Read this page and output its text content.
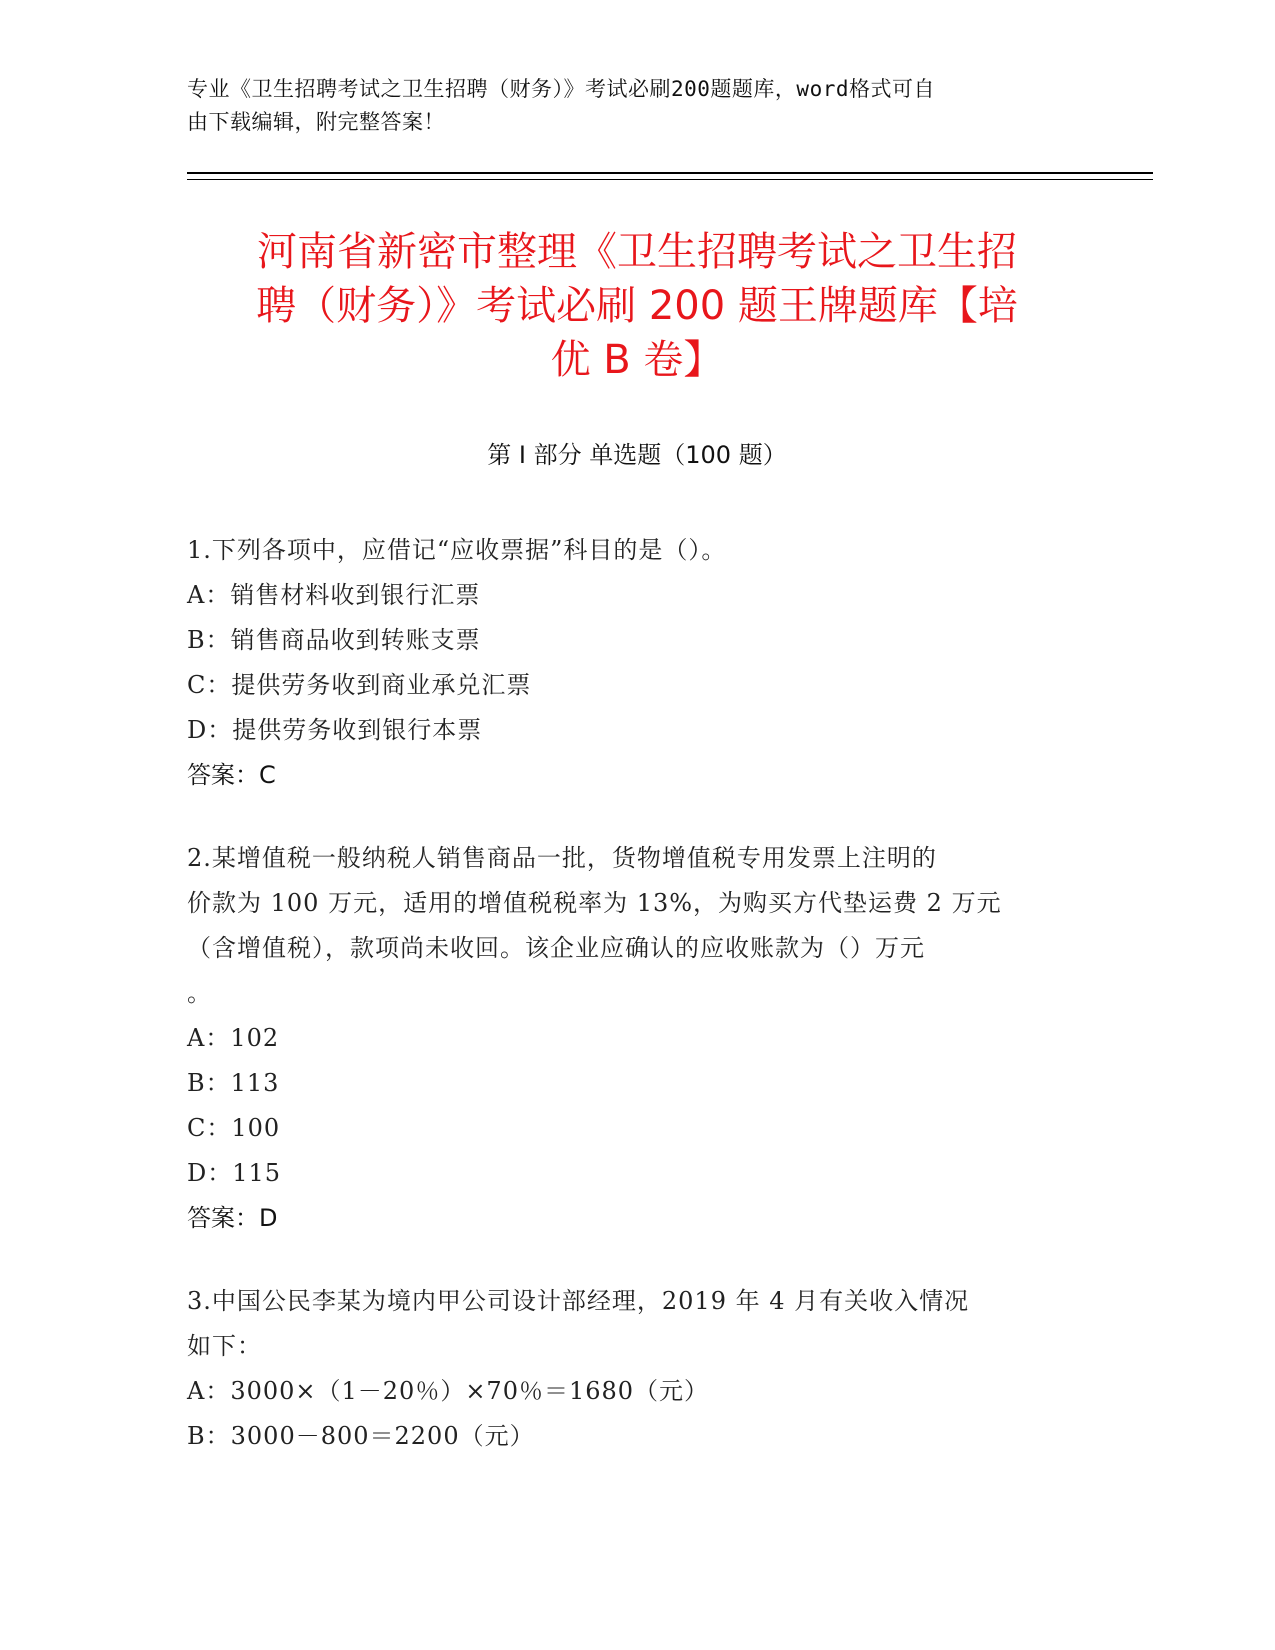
专业《卫生招聘考试之卫生招聘（财务）》考试必刷200题题库，word格式可自
由下载编辑，附完整答案！
河南省新密市整理《卫生招聘考试之卫生招
聘（财务）》考试必刷 200 题王牌题库【培
优 B 卷】
第 I 部分 单选题（100 题）
1.下列各项中，应借记“应收票据”科目的是（）。
A：销售材料收到银行汇票
B：销售商品收到转账支票
C：提供劳务收到商业承兑汇票
D：提供劳务收到银行本票
答案：C
2.某增值税一般纳税人销售商品一批，货物增值税专用发票上注明的
价款为 100 万元，适用的增值税税率为 13%，为购买方代垫运费 2 万元
（含增值税），款项尚未收回。该企业应确认的应收账款为（）万元
。
A：102
B：113
C：100
D：115
答案：D
3.中国公民李某为境内甲公司设计部经理，2019 年 4 月有关收入情况
如下：
A：3000×（1－20％）×70％＝1680（元）
B：3000－800＝2200（元）
